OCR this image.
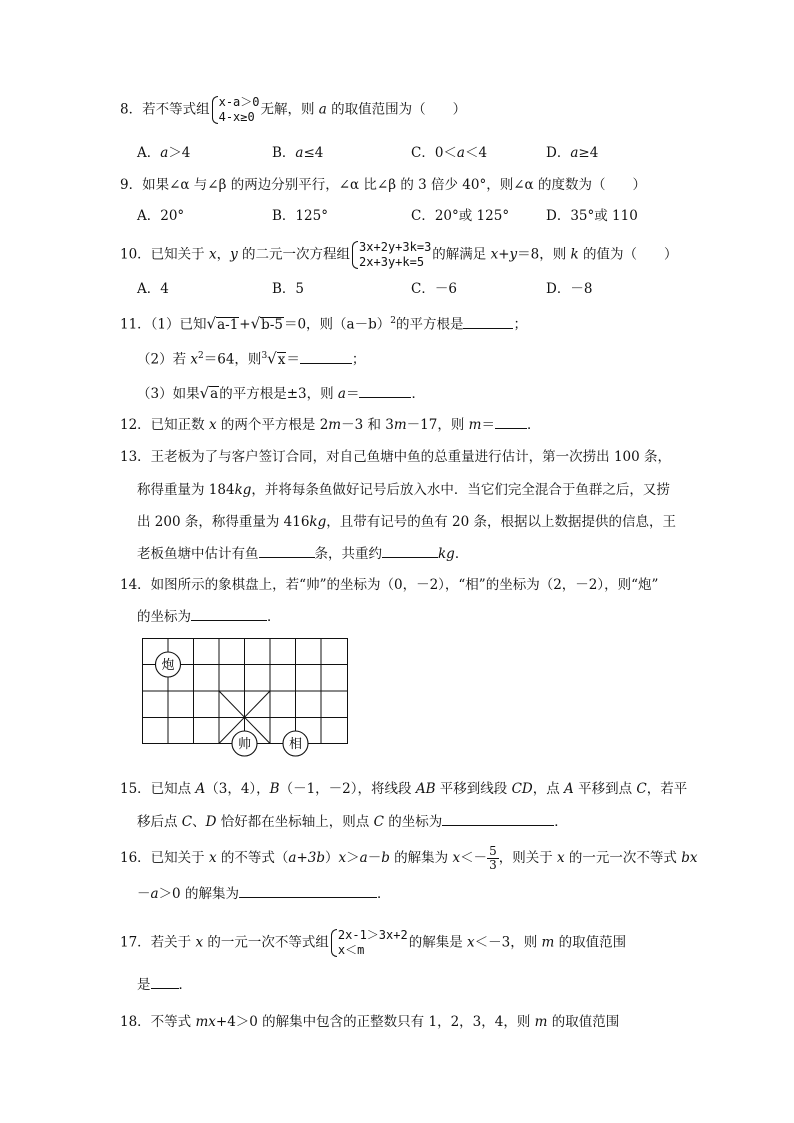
8．若不等式组 x-a＞0
4-x≥0 无解，则 a 的取值范围为（　　）
A．a＞4	B．a≤4	C．0＜a＜4	D．a≥4
9．如果∠α 与∠β 的两边分别平行，∠α 比∠β 的 3 倍少 40°，则∠α 的度数为（　　）
A．20°	B．125°	C．20°或 125°	D．35°或 110
10．已知关于 x，y 的二元一次方程组 3x+2y+3k=3
2x+3y+k=5 的解满足 x+y＝8，则 k 的值为（　　）
A．4	B．5	C．－6	D．－8
11．（1）已知√a-1+√b-5＝0，则$(a-b)^2$的平方根是	；
（2）若 $x^2=64$，则$^3$√x＝	；
（3）如果√a的平方根是±3，则 a＝	．
12．已知正数 x 的两个平方根是 2m－3 和 3m－17，则 m＝ ．
13．王老板为了与客户签订合同，对自己鱼塘中鱼的总重量进行估计，第一次捞出 100 条，
称得重量为 184kg，并将每条鱼做好记号后放入水中．当它们完全混合于鱼群之后，又捞
出 200 条，称得重量为 416kg，且带有记号的鱼有 20 条，根据以上数据提供的信息，王
老板鱼塘中估计有鱼	条，共重约	kg．
14．如图所示的象棋盘上，若“帅”的坐标为（0，－2），“相”的坐标为（2，－2），则“炮”
的坐标为	．
炮
帅	相
15．已知点 A（3，4），B（－1，－2），将线段 AB 平移到线段 CD，点 A 平移到点 C，若平
移后点 C、D 恰好都在坐标轴上，则点 C 的坐标为	．
16．已知关于 x 的不等式（a+3b）x＞a－b 的解集为 $x<- \frac{5}{3}$ ，则关于 x 的一元一次不等式 bx
－a＞0 的解集为	．
17．若关于 x 的一元一次不等式组 2x-1＞3x+2
x＜m	的解集是 x＜－3，则 m 的取值范围
是 ．
18．不等式 mx+4＞0 的解集中包含的正整数只有 1，2，3，4，则 m 的取值范围
